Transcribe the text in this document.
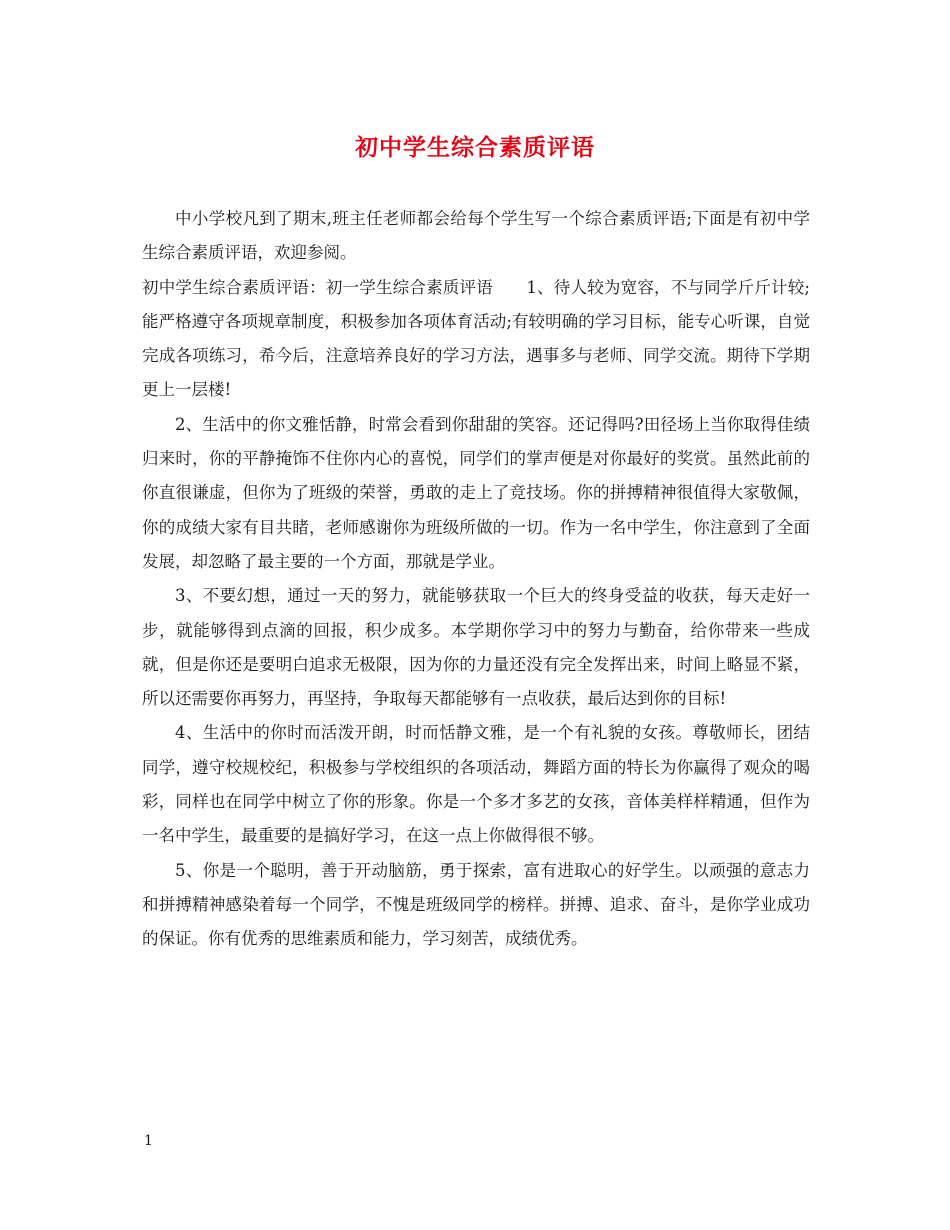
初中学生综合素质评语

中小学校凡到了期末,班主任老师都会给每个学生写一个综合素质评语;下面是有初中学生综合素质评语，欢迎参阅。

初中学生综合素质评语：初一学生综合素质评语　　1、待人较为宽容，不与同学斤斤计较;能严格遵守各项规章制度，积极参加各项体育活动;有较明确的学习目标，能专心听课，自觉完成各项练习，希今后，注意培养良好的学习方法，遇事多与老师、同学交流。期待下学期更上一层楼!

2、生活中的你文雅恬静，时常会看到你甜甜的笑容。还记得吗?田径场上当你取得佳绩归来时，你的平静掩饰不住你内心的喜悦，同学们的掌声便是对你最好的奖赏。虽然此前的你直很谦虚，但你为了班级的荣誉，勇敢的走上了竞技场。你的拼搏精神很值得大家敬佩，你的成绩大家有目共睹，老师感谢你为班级所做的一切。作为一名中学生，你注意到了全面发展，却忽略了最主要的一个方面，那就是学业。

3、不要幻想，通过一天的努力，就能够获取一个巨大的终身受益的收获，每天走好一步，就能够得到点滴的回报，积少成多。本学期你学习中的努力与勤奋，给你带来一些成就，但是你还是要明白追求无极限，因为你的力量还没有完全发挥出来，时间上略显不紧，所以还需要你再努力，再坚持，争取每天都能够有一点收获，最后达到你的目标!

4、生活中的你时而活泼开朗，时而恬静文雅，是一个有礼貌的女孩。尊敬师长，团结同学，遵守校规校纪，积极参与学校组织的各项活动，舞蹈方面的特长为你赢得了观众的喝彩，同样也在同学中树立了你的形象。你是一个多才多艺的女孩，音体美样样精通，但作为一名中学生，最重要的是搞好学习，在这一点上你做得很不够。

5、你是一个聪明，善于开动脑筋，勇于探索，富有进取心的好学生。以顽强的意志力和拼搏精神感染着每一个同学，不愧是班级同学的榜样。拼搏、追求、奋斗，是你学业成功的保证。你有优秀的思维素质和能力，学习刻苦，成绩优秀。

1
